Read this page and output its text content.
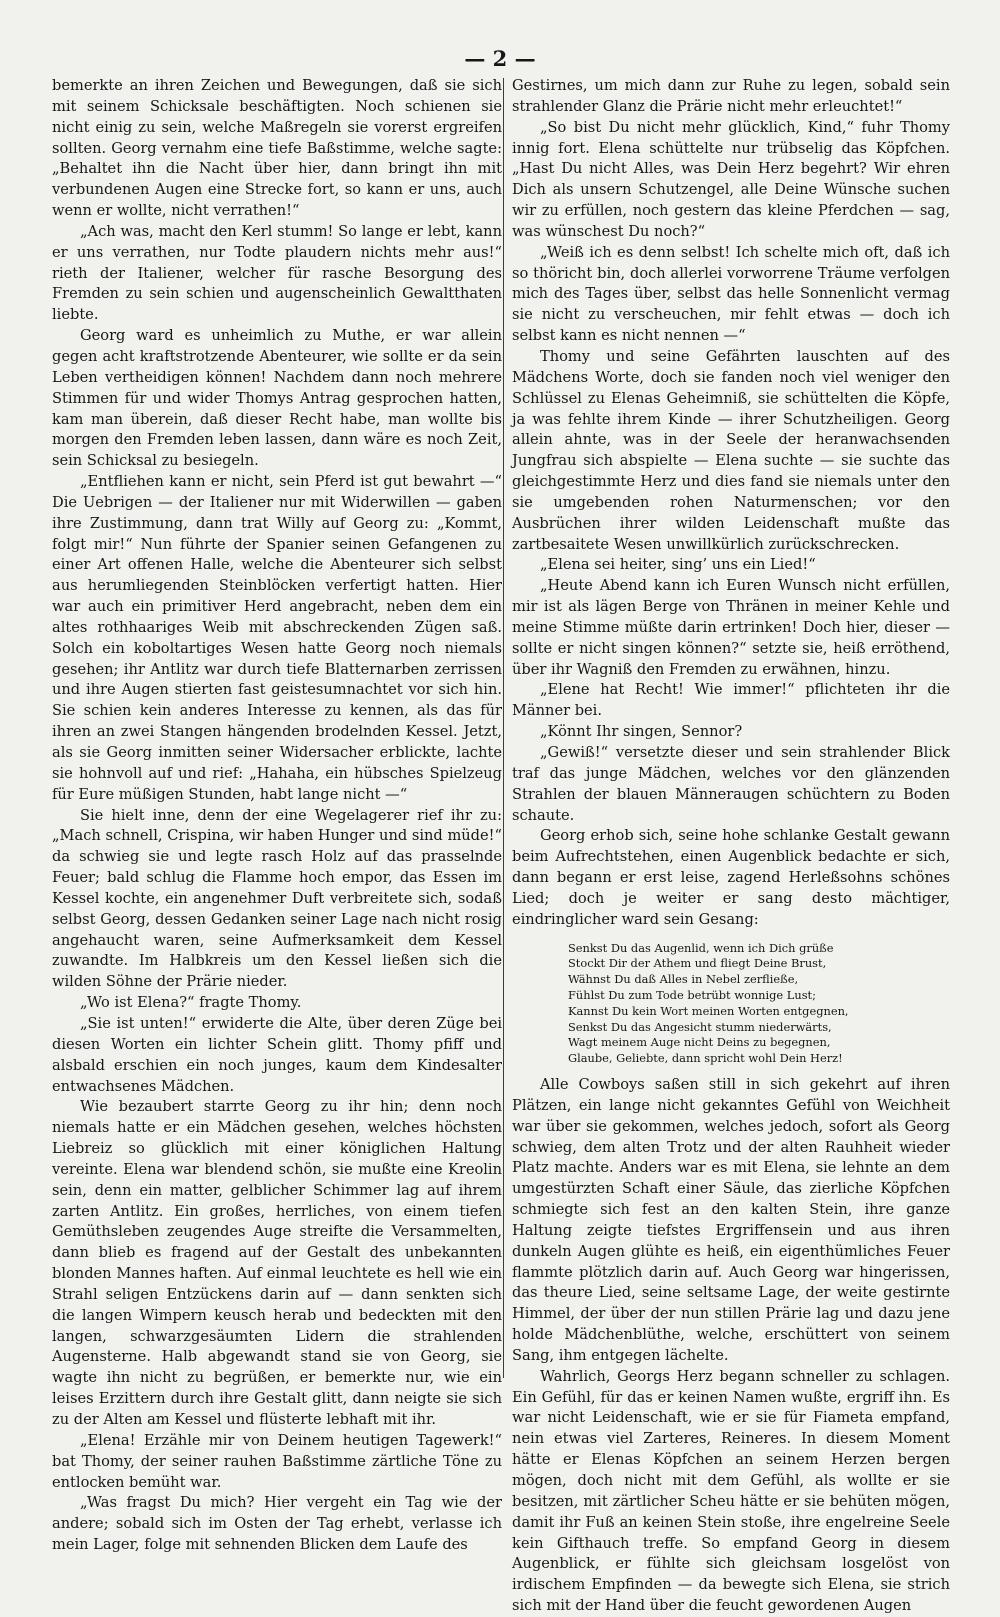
— 2 —

bemerkte an ihren Zeichen und Bewegungen, daß sie sich mit seinem Schicksale beschäftigten. Noch schienen sie nicht einig zu sein, welche Maßregeln sie vorerst ergreifen sollten. Georg vernahm eine tiefe Baßstimme, welche sagte: „Behaltet ihn die Nacht über hier, dann bringt ihn mit verbundenen Augen eine Strecke fort, so kann er uns, auch wenn er wollte, nicht verrathen!“

„Ach was, macht den Kerl stumm! So lange er lebt, kann er uns verrathen, nur Todte plaudern nichts mehr aus!“ rieth der Italiener, welcher für rasche Besorgung des Fremden zu sein schien und augenscheinlich Gewaltthaten liebte.

Georg ward es unheimlich zu Muthe, er war allein gegen acht kraftstrotzende Abenteurer, wie sollte er da sein Leben vertheidigen können! Nachdem dann noch mehrere Stimmen für und wider Thomys Antrag gesprochen hatten, kam man überein, daß dieser Recht habe, man wollte bis morgen den Fremden leben lassen, dann wäre es noch Zeit, sein Schicksal zu besiegeln.

„Entfliehen kann er nicht, sein Pferd ist gut bewahrt —“ Die Uebrigen — der Italiener nur mit Widerwillen — gaben ihre Zustimmung, dann trat Willy auf Georg zu: „Kommt, folgt mir!“ Nun führte der Spanier seinen Gefangenen zu einer Art offenen Halle, welche die Abenteurer sich selbst aus herumliegenden Steinblöcken verfertigt hatten. Hier war auch ein primitiver Herd angebracht, neben dem ein altes rothhaariges Weib mit abschreckenden Zügen saß. Solch ein koboltartiges Wesen hatte Georg noch niemals gesehen; ihr Antlitz war durch tiefe Blatternarben zerrissen und ihre Augen stierten fast geistesumnachtet vor sich hin. Sie schien kein anderes Interesse zu kennen, als das für ihren an zwei Stangen hängenden brodelnden Kessel. Jetzt, als sie Georg inmitten seiner Widersacher erblickte, lachte sie hohnvoll auf und rief: „Hahaha, ein hübsches Spielzeug für Eure müßigen Stunden, habt lange nicht —“

Sie hielt inne, denn der eine Wegelagerer rief ihr zu: „Mach schnell, Crispina, wir haben Hunger und sind müde!“ da schwieg sie und legte rasch Holz auf das prasselnde Feuer; bald schlug die Flamme hoch empor, das Essen im Kessel kochte, ein angenehmer Duft verbreitete sich, sodaß selbst Georg, dessen Gedanken seiner Lage nach nicht rosig angehaucht waren, seine Aufmerksamkeit dem Kessel zuwandte. Im Halbkreis um den Kessel ließen sich die wilden Söhne der Prärie nieder.

„Wo ist Elena?“ fragte Thomy.

„Sie ist unten!“ erwiderte die Alte, über deren Züge bei diesen Worten ein lichter Schein glitt. Thomy pfiff und alsbald erschien ein noch junges, kaum dem Kindesalter entwachsenes Mädchen.

Wie bezaubert starrte Georg zu ihr hin; denn noch niemals hatte er ein Mädchen gesehen, welches höchsten Liebreiz so glücklich mit einer königlichen Haltung vereinte. Elena war blendend schön, sie mußte eine Kreolin sein, denn ein matter, gelblicher Schimmer lag auf ihrem zarten Antlitz. Ein großes, herrliches, von einem tiefen Gemüthsleben zeugendes Auge streifte die Versammelten, dann blieb es fragend auf der Gestalt des unbekannten blonden Mannes haften. Auf einmal leuchtete es hell wie ein Strahl seligen Entzückens darin auf — dann senkten sich die langen Wimpern keusch herab und bedeckten mit den langen, schwarzgesäumten Lidern die strahlenden Augensterne. Halb abgewandt stand sie von Georg, sie wagte ihn nicht zu begrüßen, er bemerkte nur, wie ein leises Erzittern durch ihre Gestalt glitt, dann neigte sie sich zu der Alten am Kessel und flüsterte lebhaft mit ihr.

„Elena! Erzähle mir von Deinem heutigen Tagewerk!“ bat Thomy, der seiner rauhen Baßstimme zärtliche Töne zu entlocken bemüht war.

„Was fragst Du mich? Hier vergeht ein Tag wie der andere; sobald sich im Osten der Tag erhebt, verlasse ich mein Lager, folge mit sehnenden Blicken dem Laufe des

Gestirnes, um mich dann zur Ruhe zu legen, sobald sein strahlender Glanz die Prärie nicht mehr erleuchtet!“

„So bist Du nicht mehr glücklich, Kind,“ fuhr Thomy innig fort. Elena schüttelte nur trübselig das Köpfchen. „Hast Du nicht Alles, was Dein Herz begehrt? Wir ehren Dich als unsern Schutzengel, alle Deine Wünsche suchen wir zu erfüllen, noch gestern das kleine Pferdchen — sag, was wünschest Du noch?“

„Weiß ich es denn selbst! Ich schelte mich oft, daß ich so thöricht bin, doch allerlei vorworrene Träume verfolgen mich des Tages über, selbst das helle Sonnenlicht vermag sie nicht zu verscheuchen, mir fehlt etwas — doch ich selbst kann es nicht nennen —“

Thomy und seine Gefährten lauschten auf des Mädchens Worte, doch sie fanden noch viel weniger den Schlüssel zu Elenas Geheimniß, sie schüttelten die Köpfe, ja was fehlte ihrem Kinde — ihrer Schutzheiligen. Georg allein ahnte, was in der Seele der heranwachsenden Jungfrau sich abspielte — Elena suchte — sie suchte das gleichgestimmte Herz und dies fand sie niemals unter den sie umgebenden rohen Naturmenschen; vor den Ausbrüchen ihrer wilden Leidenschaft mußte das zartbesaitete Wesen unwillkürlich zurückschrecken.

„Elena sei heiter, sing’ uns ein Lied!“

„Heute Abend kann ich Euren Wunsch nicht erfüllen, mir ist als lägen Berge von Thränen in meiner Kehle und meine Stimme müßte darin ertrinken! Doch hier, dieser — sollte er nicht singen können?“ setzte sie, heiß erröthend, über ihr Wagniß den Fremden zu erwähnen, hinzu.

„Elene hat Recht! Wie immer!“ pflichteten ihr die Männer bei.

„Könnt Ihr singen, Sennor?

„Gewiß!“ versetzte dieser und sein strahlender Blick traf das junge Mädchen, welches vor den glänzenden Strahlen der blauen Männeraugen schüchtern zu Boden schaute.

Georg erhob sich, seine hohe schlanke Gestalt gewann beim Aufrechtstehen, einen Augenblick bedachte er sich, dann begann er erst leise, zagend Herleßsohns schönes Lied; doch je weiter er sang desto mächtiger, eindringlicher ward sein Gesang:

Senkst Du das Augenlid, wenn ich Dich grüße
Stockt Dir der Athem und fliegt Deine Brust,
Wähnst Du daß Alles in Nebel zerfließe,
Fühlst Du zum Tode betrübt wonnige Lust;
Kannst Du kein Wort meinen Worten entgegnen,
Senkst Du das Angesicht stumm niederwärts,
Wagt meinem Auge nicht Deins zu begegnen,
Glaube, Geliebte, dann spricht wohl Dein Herz!

Alle Cowboys saßen still in sich gekehrt auf ihren Plätzen, ein lange nicht gekanntes Gefühl von Weichheit war über sie gekommen, welches jedoch, sofort als Georg schwieg, dem alten Trotz und der alten Rauhheit wieder Platz machte. Anders war es mit Elena, sie lehnte an dem umgestürzten Schaft einer Säule, das zierliche Köpfchen schmiegte sich fest an den kalten Stein, ihre ganze Haltung zeigte tiefstes Ergriffensein und aus ihren dunkeln Augen glühte es heiß, ein eigenthümliches Feuer flammte plötzlich darin auf. Auch Georg war hingerissen, das theure Lied, seine seltsame Lage, der weite gestirnte Himmel, der über der nun stillen Prärie lag und dazu jene holde Mädchenblüthe, welche, erschüttert von seinem Sang, ihm entgegen lächelte.

Wahrlich, Georgs Herz begann schneller zu schlagen. Ein Gefühl, für das er keinen Namen wußte, ergriff ihn. Es war nicht Leidenschaft, wie er sie für Fiameta empfand, nein etwas viel Zarteres, Reineres. In diesem Moment hätte er Elenas Köpfchen an seinem Herzen bergen mögen, doch nicht mit dem Gefühl, als wollte er sie besitzen, mit zärtlicher Scheu hätte er sie behüten mögen, damit ihr Fuß an keinen Stein stoße, ihre engelreine Seele kein Gifthauch treffe. So empfand Georg in diesem Augenblick, er fühlte sich gleichsam losgelöst von irdischem Empfinden — da bewegte sich Elena, sie strich sich mit der Hand über die feucht gewordenen Augen
